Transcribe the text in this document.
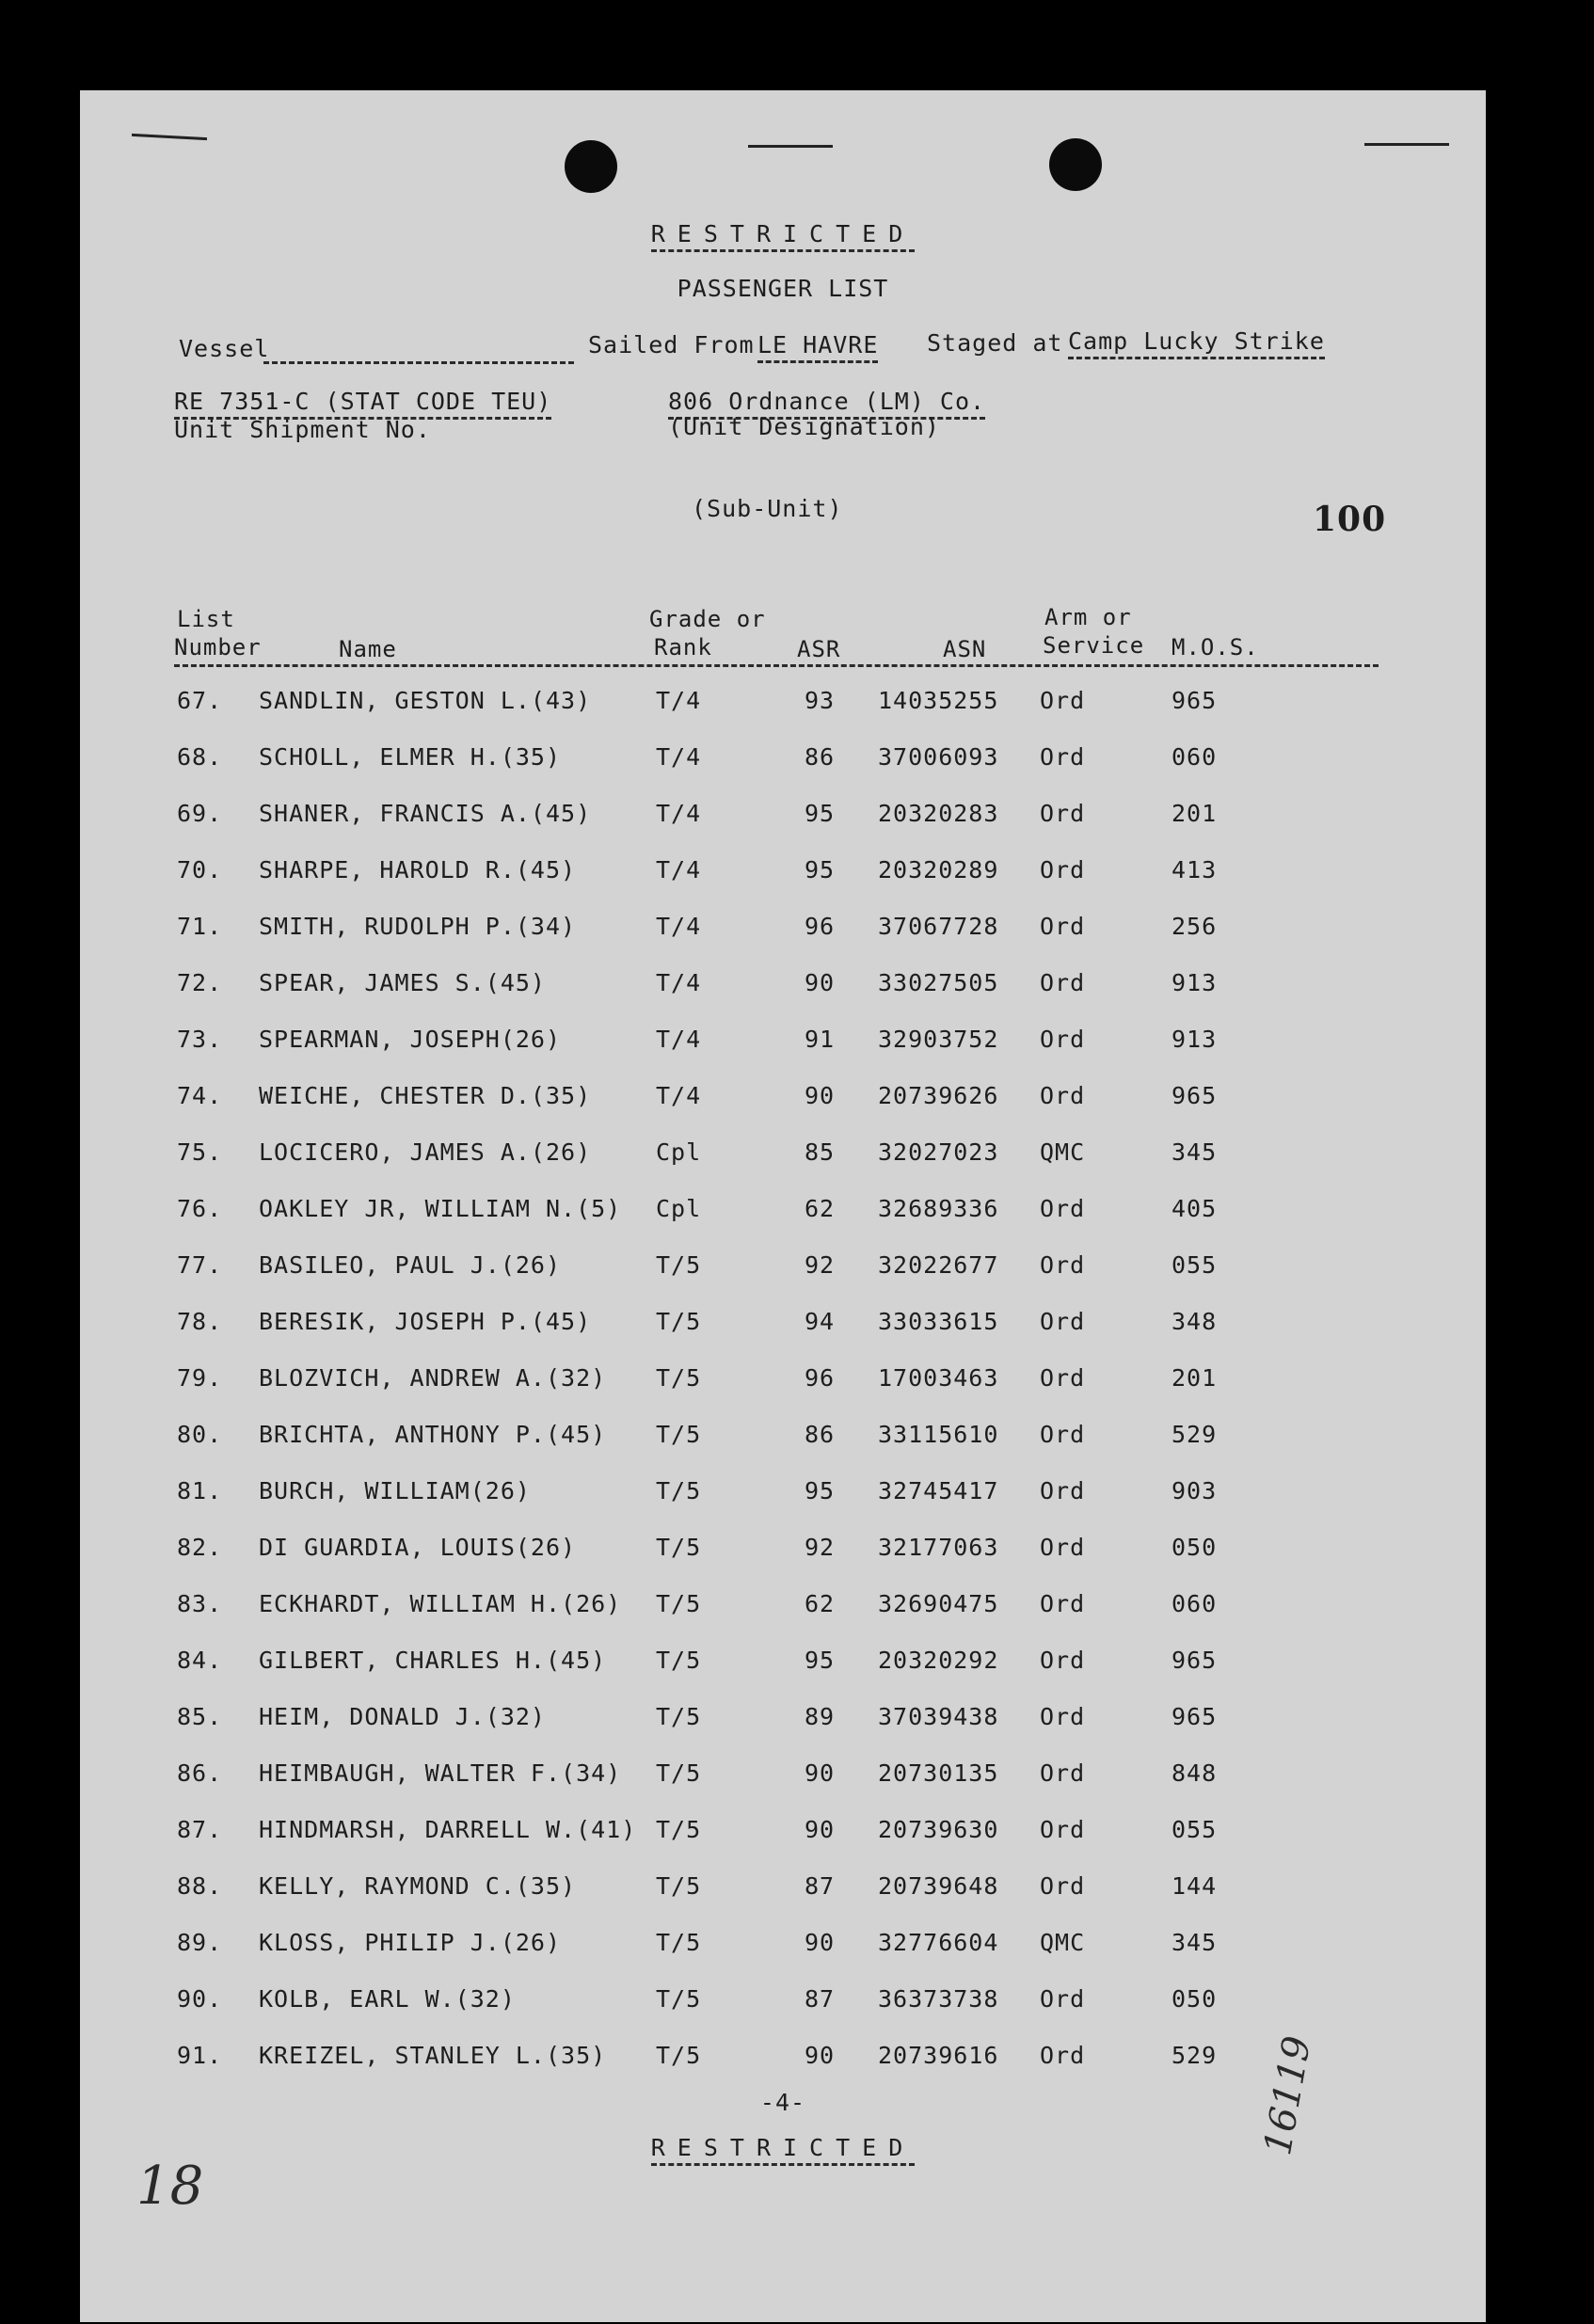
RESTRICTED
PASSENGER LIST
Vessel	Sailed From LE HAVRE Staged at Camp Lucky Strike
RE 7351-C (STAT CODE TEU)
Unit Shipment No.
806 Ordnance (LM) Co.
(Unit Designation)
(Sub-Unit)	100
List
Number	Name
Grade or
Rank	ASR	ASN
Arm or
Service M.O.S.
67. SANDLIN, GESTON L.(43)	T/4	93 14035255 Ord	965
68. SCHOLL, ELMER H.(35)	T/4	86 37006093 Ord	060
69. SHANER, FRANCIS A.(45)	T/4	95 20320283 Ord	201
70. SHARPE, HAROLD R.(45)	T/4	95 20320289 Ord	413
71. SMITH, RUDOLPH P.(34)	T/4	96 37067728 Ord	256
72. SPEAR, JAMES S.(45)	T/4	90 33027505 Ord	913
73. SPEARMAN, JOSEPH(26)	T/4	91 32903752 Ord	913
74. WEICHE, CHESTER D.(35)	T/4	90 20739626 Ord	965
75. LOCICERO, JAMES A.(26)	Cpl	85 32027023 QMC	345
76. OAKLEY JR, WILLIAM N.(5) Cpl	62 32689336 Ord	405
77. BASILEO, PAUL J.(26)	T/5	92 32022677 Ord	055
78. BERESIK, JOSEPH P.(45)	T/5	94 33033615 Ord	348
79. BLOZVICH, ANDREW A.(32) T/5	96 17003463 Ord	201
80. BRICHTA, ANTHONY P.(45) T/5	86 33115610 Ord	529
81. BURCH, WILLIAM(26)	T/5	95 32745417 Ord	903
82. DI GUARDIA, LOUIS(26)	T/5	92 32177063 Ord	050
83. ECKHARDT, WILLIAM H.(26) T/5	62 32690475 Ord	060
84. GILBERT, CHARLES H.(45) T/5	95 20320292 Ord	965
85. HEIM, DONALD J.(32)	T/5	89 37039438 Ord	965
86. HEIMBAUGH, WALTER F.(34) T/5	90 20730135 Ord	848
87. HINDMARSH, DARRELL W.(41) T/5	90 20739630 Ord	055
88. KELLY, RAYMOND C.(35)	T/5	87 20739648 Ord	144
89. KLOSS, PHILIP J.(26)	T/5	90 32776604 QMC	345
90. KOLB, EARL W.(32)	T/5	87 36373738 Ord	050
91. KREIZEL, STANLEY L.(35) T/5	90 20739616 Ord	529
-4-
RESTRICTED
18
16119
